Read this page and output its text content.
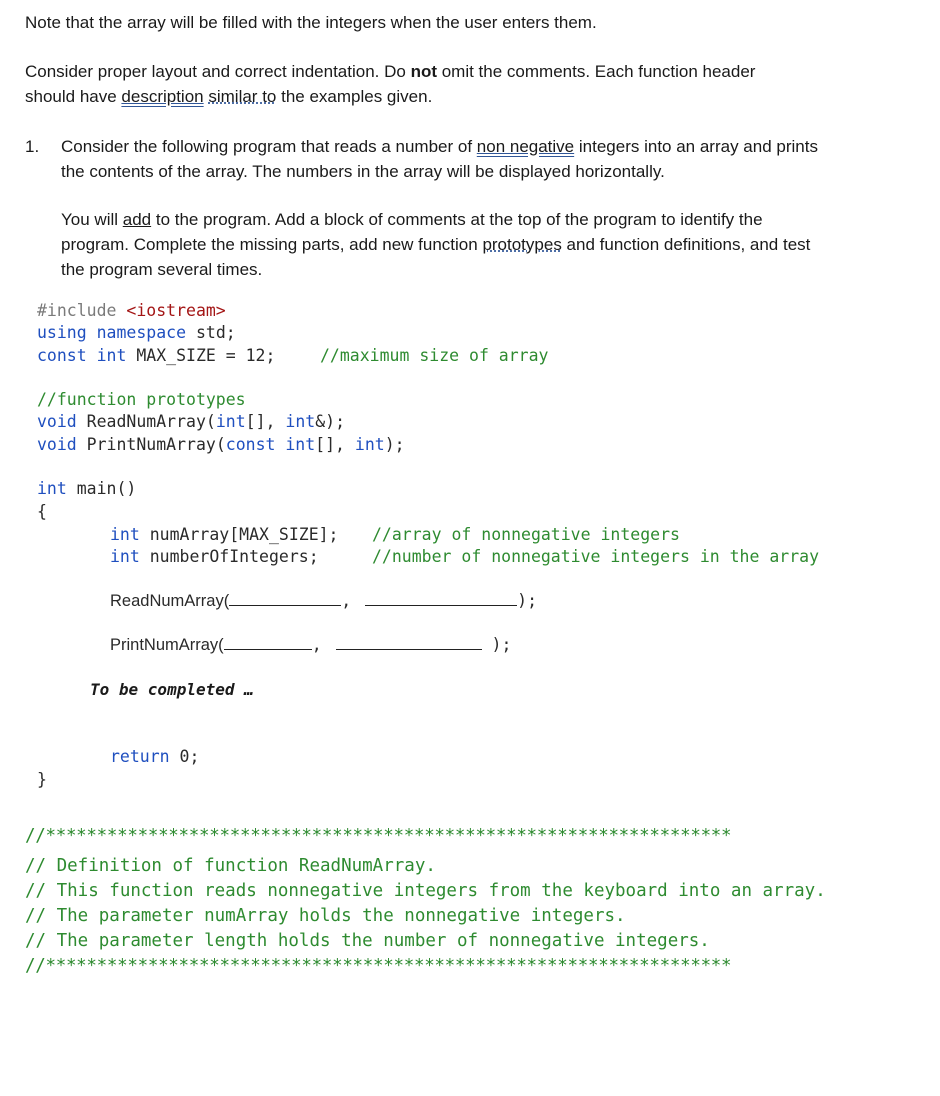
Note that the array will be filled with the integers when the user enters them.
Consider proper layout and correct indentation. Do not omit the comments. Each function header
should have description similar to the examples given.
1. Consider the following program that reads a number of non negative integers into an array and prints
the contents of the array. The numbers in the array will be displayed horizontally.
You will add to the program. Add a block of comments at the top of the program to identify the
program. Complete the missing parts, add new function prototypes and function definitions, and test
the program several times.
#include <iostream>
using namespace std;
const int MAX_SIZE = 12;	//maximum size of array
//function prototypes
void ReadNumArray(int[], int&);
void PrintNumArray(const int[], int);
int main()
{
int numArray[MAX_SIZE]; //array of nonnegative integers
int numberOfIntegers;	//number of nonnegative integers in the array
ReadNumArray(	,	);
PrintNumArray(	,	);
To be completed …
return 0;
}
//*******************************************************************
// Definition of function ReadNumArray.
// This function reads nonnegative integers from the keyboard into an array.
// The parameter numArray holds the nonnegative integers.
// The parameter length holds the number of nonnegative integers.
//*******************************************************************
